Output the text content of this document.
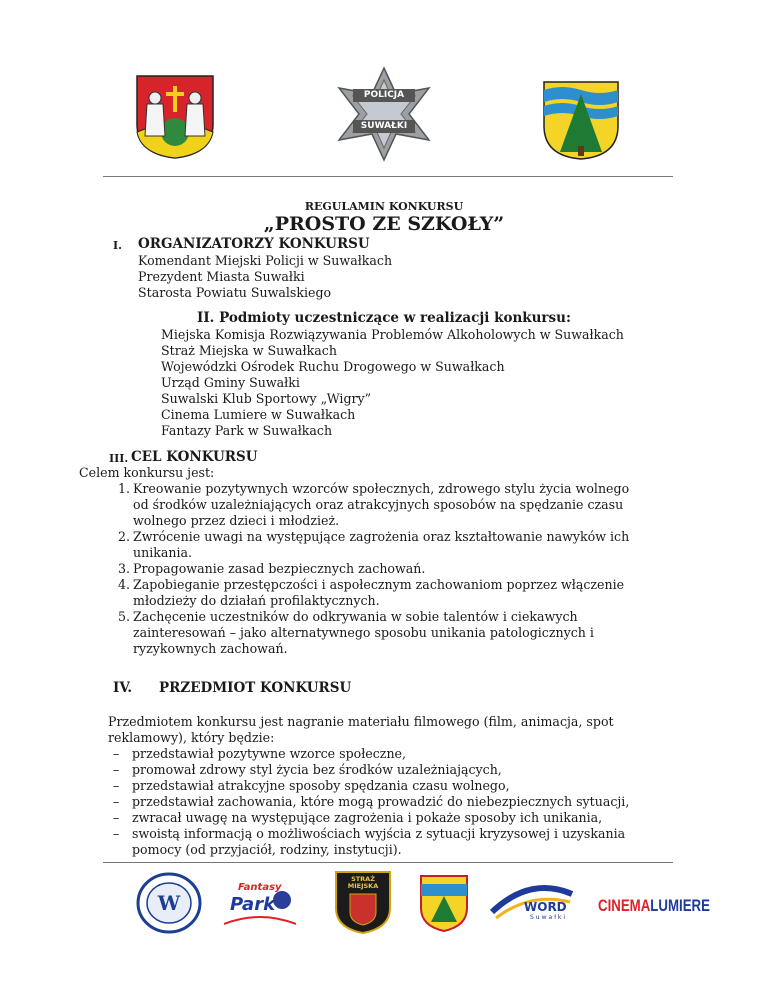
POLICJA
SUWAŁKI
REGULAMIN KONKURSU
„PROSTO ZE SZKOŁY”
I. ORGANIZATORZY KONKURSU
Komendant Miejski Policji w Suwałkach
Prezydent Miasta Suwałki
Starosta Powiatu Suwalskiego
II. Podmioty uczestniczące w realizacji konkursu:
Miejska Komisja Rozwiązywania Problemów Alkoholowych w Suwałkach
Straż Miejska w Suwałkach
Wojewódzki Ośrodek Ruchu Drogowego w Suwałkach
Urząd Gminy Suwałki
Suwalski Klub Sportowy „Wigry”
Cinema Lumiere w Suwałkach
Fantazy Park w Suwałkach
III. CEL KONKURSU
Celem konkursu jest:
1. Kreowanie pozytywnych wzorców społecznych, zdrowego stylu życia wolnego
od środków uzależniających oraz atrakcyjnych sposobów na spędzanie czasu
wolnego przez dzieci i młodzież.
2. Zwrócenie uwagi na występujące zagrożenia oraz kształtowanie nawyków ich
unikania.
3. Propagowanie zasad bezpiecznych zachowań.
4. Zapobieganie przestępczości i aspołecznym zachowaniom poprzez włączenie
młodzieży do działań profilaktycznych.
5. Zachęcenie uczestników do odkrywania w sobie talentów i ciekawych
zainteresowań – jako alternatywnego sposobu unikania patologicznych i
ryzykownych zachowań.
IV. PRZEDMIOT KONKURSU
Przedmiotem konkursu jest nagranie materiału filmowego (film, animacja, spot
reklamowy), który będzie:
– przedstawiał pozytywne wzorce społeczne,
– promował zdrowy styl życia bez środków uzależniających,
– przedstawiał atrakcyjne sposoby spędzania czasu wolnego,
– przedstawiał zachowania, które mogą prowadzić do niebezpiecznych sytuacji,
– zwracał uwagę na występujące zagrożenia i pokaże sposoby ich unikania,
– swoistą informacją o możliwościach wyjścia z sytuacji kryzysowej i uzyskania
pomocy (od przyjaciół, rodziny, instytucji).
W
Fantasy
Park
STRAŻ MIEJSKA
WORD
Suwałki
CINEMALUMIERE
